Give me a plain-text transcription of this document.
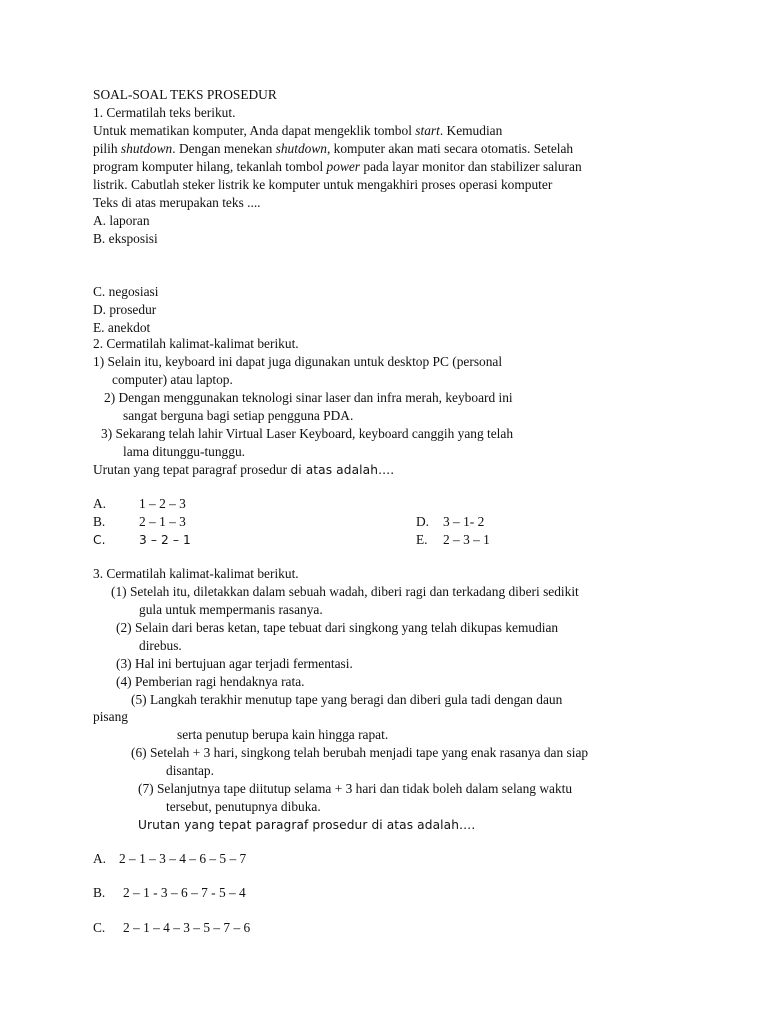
SOAL-SOAL TEKS PROSEDUR
1. Cermatilah teks berikut.
Untuk mematikan komputer, Anda dapat mengeklik tombol start. Kemudian
pilih shutdown. Dengan menekan shutdown, komputer akan mati secara otomatis. Setelah
program komputer hilang, tekanlah tombol power pada layar monitor dan stabilizer saluran
listrik. Cabutlah steker listrik ke komputer untuk mengakhiri proses operasi komputer
Teks di atas merupakan teks ....
A. laporan
B. eksposisi
C. negosiasi
D. prosedur
E. anekdot
2. Cermatilah kalimat-kalimat berikut.
1) Selain itu, keyboard ini dapat juga digunakan untuk desktop PC (personal
computer) atau laptop.
2) Dengan menggunakan teknologi sinar laser dan infra merah, keyboard ini
sangat berguna bagi setiap pengguna PDA.
3) Sekarang telah lahir Virtual Laser Keyboard, keyboard canggih yang telah
lama ditunggu-tunggu.
Urutan yang tepat paragraf prosedur di atas adalah….
A. 1 – 2 – 3
B.	2 – 1 – 3
C.	3 – 2 – 1
D. 3 – 1- 2
E. 2 – 3 – 1
3. Cermatilah kalimat-kalimat berikut.
(1) Setelah itu, diletakkan dalam sebuah wadah, diberi ragi dan terkadang diberi sedikit
gula untuk mempermanis rasanya.
(2) Selain dari beras ketan, tape tebuat dari singkong yang telah dikupas kemudian
direbus.
(3) Hal ini bertujuan agar terjadi fermentasi.
(4) Pemberian ragi hendaknya rata.
(5) Langkah terakhir menutup tape yang beragi dan diberi gula tadi dengan daun
pisang
serta penutup berupa kain hingga rapat.
(6) Setelah + 3 hari, singkong telah berubah menjadi tape yang enak rasanya dan siap
disantap.
(7) Selanjutnya tape diitutup selama + 3 hari dan tidak boleh dalam selang waktu
tersebut, penutupnya dibuka.
Urutan yang tepat paragraf prosedur di atas adalah….
A. 2 – 1 – 3 – 4 – 6 – 5 – 7
B. 2 – 1 - 3 – 6 – 7 - 5 – 4
C. 2 – 1 – 4 – 3 – 5 – 7 – 6
